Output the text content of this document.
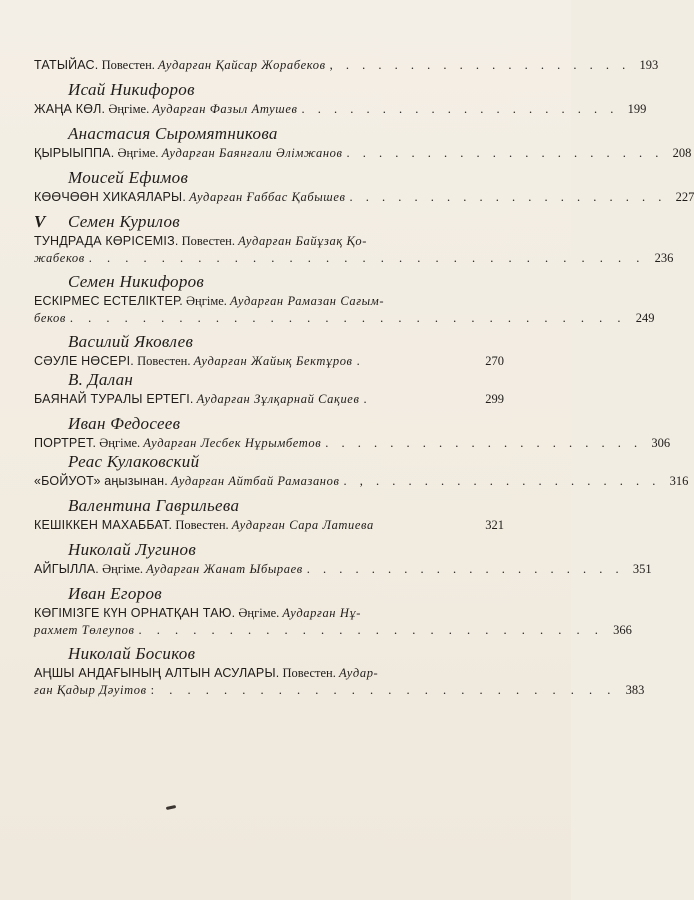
ТАТЫЙАС. Повестен. Аударған Қайсар Жорабеков , . . . . . . . . . . . . . . . . . . 193
Исай Никифоров
ЖАҢА КӨЛ. Әңгіме. Аударған Фазыл Атушев . . . . . . . . . . . . . . . . . . . . 199
Анастасия Сыромятникова
ҚЫРЫЫППА. Әңгіме. Аударған Баянғали Әлімжанов . . . . . . . . . . . . . . . . . . . . 208
Моисей Ефимов
КӨӨЧӨӨН ХИКАЯЛАРЫ. Аударған Ғаббас Қабышев . . . . . . . . . . . . . . . . . . . . 227
V Семен Курилов
ТУНДРАДА КӨРІСЕМІЗ. Повестен. Аударған Байұзақ Қо-
жабеков . . . . . . . . . . . . . . . . . . . . . . . . . . . . . . . 236
Семен Никифоров
ЕСКІРМЕС ЕСТЕЛІКТЕР. Әңгіме. Аударған Рамазан Сағым-
беков . . . . . . . . . . . . . . . . . . . . . . . . . . . . . . . 249
Василий Яковлев
СӘУЛЕ НӨСЕРІ. Повестен. Аударған Жайық Бектұров .	270
В. Далан
БАЯНАЙ ТУРАЛЫ ЕРТЕГІ. Аударған Зұлқарнай Сақиев .	299
Иван Федосеев
ПОРТРЕТ. Әңгіме. Аударған Лесбек Нұрымбетов . . . . . . . . . . . . . . . . . . . . 306
Реас Кулаковский
«БОЙУОТ» аңызынан. Аударған Айтбай Рамазанов . , . . . . . . . . . . . . . . . . . . 316
Валентина Гаврильева
КЕШІККЕН МАХАББАТ. Повестен. Аударған Сара Латиева	321
Николай Лугинов
АЙГЫЛЛА. Әңгіме. Аударған Жанат Ыбыраев . . . . . . . . . . . . . . . . . . . . 351
Иван Егоров
КӨГІМІЗГЕ КҮН ОРНАТҚАН ТАЮ. Әңгіме. Аударған Нұ-
рахмет Төлеупов . . . . . . . . . . . . . . . . . . . . . . . . . . 366
Николай Босиков
АҢШЫ АНДАҒЫНЫҢ АЛТЫН АСУЛАРЫ. Повестен. Аудар-
ған Қадыр Дәуітов : . . . . . . . . . . . . . . . . . . . . . . . . . 383
